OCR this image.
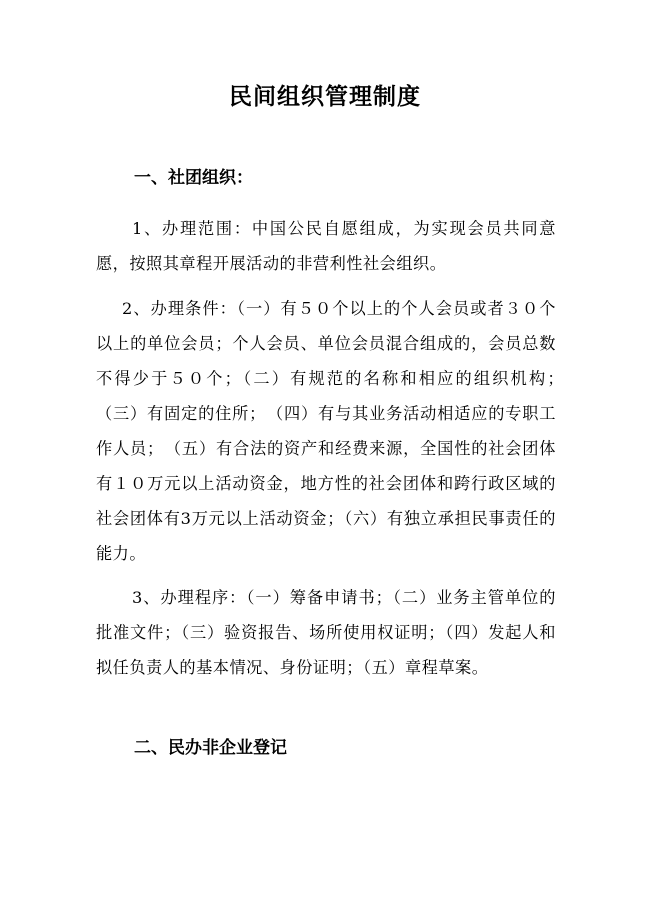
民间组织管理制度
一、社团组织：

1、办理范围：中国公民自愿组成，为实现会员共同意愿，按照其章程开展活动的非营利性社会组织。

2、办理条件：（一）有５０个以上的个人会员或者３０个以上的单位会员；个人会员、单位会员混合组成的，会员总数不得少于５０个；（二）有规范的名称和相应的组织机构；　（三）有固定的住所；　（四）有与其业务活动相适应的专职工作人员；　（五）有合法的资产和经费来源，全国性的社会团体有１０万元以上活动资金，地方性的社会团体和跨行政区域的社会团体有3万元以上活动资金；（六）有独立承担民事责任的能力。

3、办理程序：（一）筹备申请书；（二）业务主管单位的批准文件；（三）验资报告、场所使用权证明；（四）发起人和拟任负责人的基本情况、身份证明；（五）章程草案。

二、民办非企业登记
